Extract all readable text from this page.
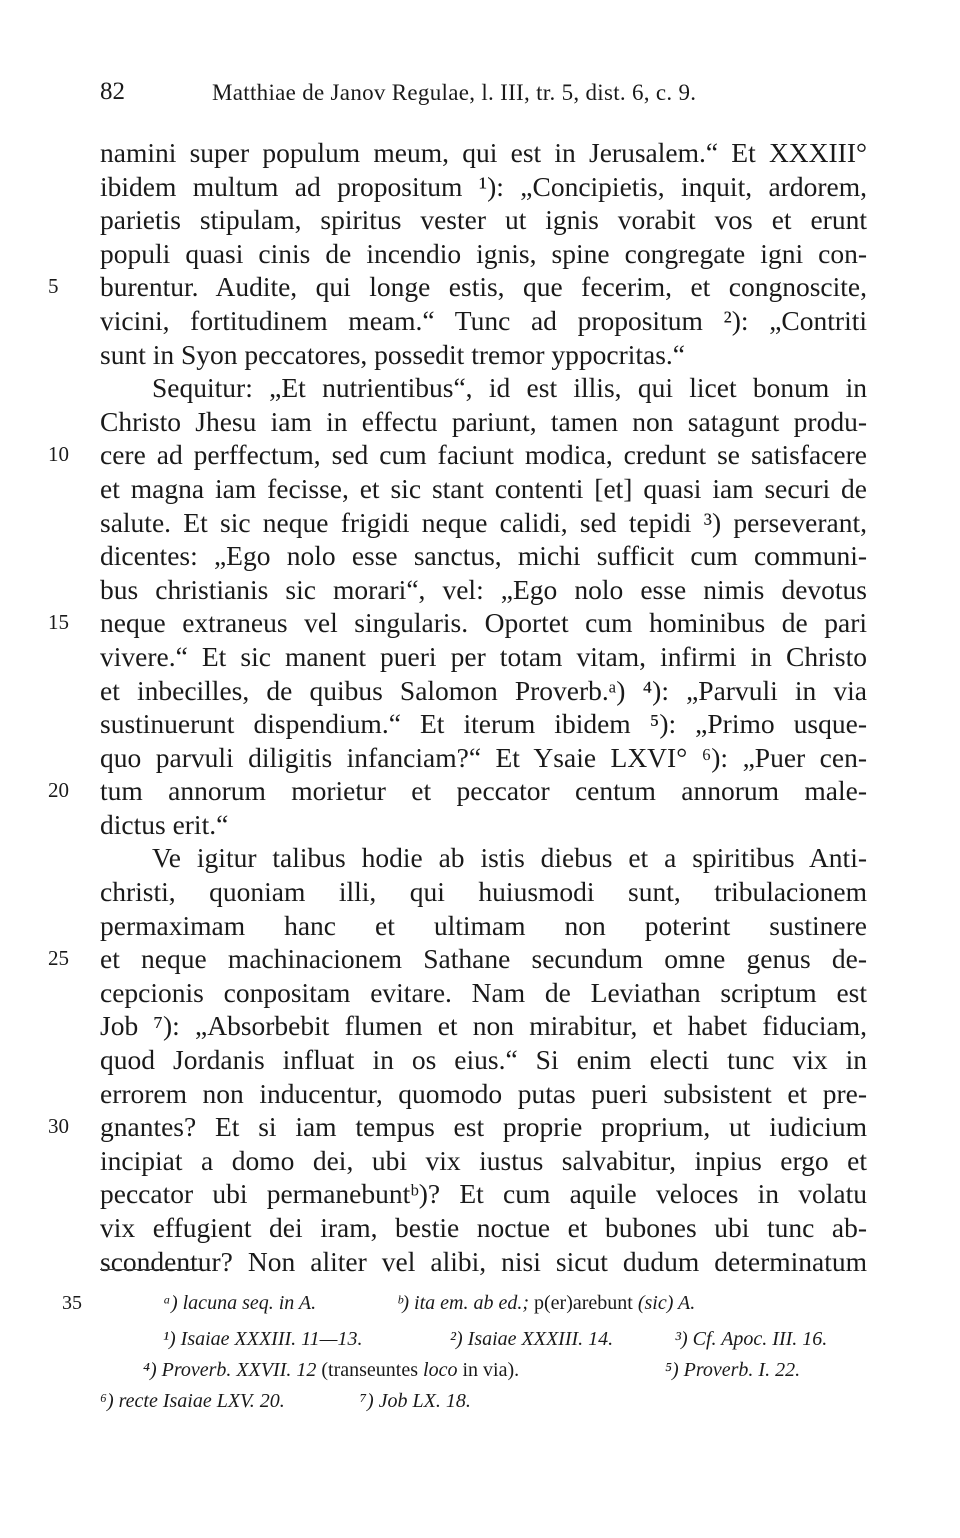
82	Matthiae de Janov Regulae, l. III, tr. 5, dist. 6, c. 9.
namini super populum meum, qui est in Jerusalem.“ Et XXXIII°
ibidem multum ad propositum ¹): „Concipietis, inquit, ardorem,
parietis stipulam, spiritus vester ut ignis vorabit vos et erunt
populi quasi cinis de incendio ignis, spine congregate igni con-
5	burentur. Audite, qui longe estis, que fecerim, et congnoscite,
vicini, fortitudinem meam.“ Tunc ad propositum ²): „Contriti
sunt in Syon peccatores, possedit tremor yppocritas.“
Sequitur: „Et nutrientibus“, id est illis, qui licet bonum in
Christo Jhesu iam in effectu pariunt, tamen non satagunt produ-
10	cere ad perffectum, sed cum faciunt modica, credunt se satisfacere
et magna iam fecisse, et sic stant contenti [et] quasi iam securi de
salute. Et sic neque frigidi neque calidi, sed tepidi ³) perseverant,
dicentes: „Ego nolo esse sanctus, michi sufficit cum communi-
bus christianis sic morari“, vel: „Ego nolo esse nimis devotus
15	neque extraneus vel singularis. Oportet cum hominibus de pari
vivere.“ Et sic manent pueri per totam vitam, infirmi in Christo
et inbecilles, de quibus Salomon Proverb.ᵃ) ⁴): „Parvuli in via
sustinuerunt dispendium.“ Et iterum ibidem ⁵): „Primo usque-
quo parvuli diligitis infanciam?“ Et Ysaie LXVI° ⁶): „Puer cen-
20	tum annorum morietur et peccator centum annorum male-
dictus erit.“
Ve igitur talibus hodie ab istis diebus et a spiritibus Anti-
christi, quoniam illi, qui huiusmodi sunt, tribulacionem
permaximam hanc et ultimam non poterint sustinere
25	et neque machinacionem Sathane secundum omne genus de-
cepcionis conpositam evitare. Nam de Leviathan scriptum est
Job ⁷): „Absorbebit flumen et non mirabitur, et habet fiduciam,
quod Jordanis influat in os eius.“ Si enim electi tunc vix in
errorem non inducentur, quomodo putas pueri subsistent et pre-
30	gnantes? Et si iam tempus est proprie proprium, ut iudicium
incipiat a domo dei, ubi vix iustus salvabitur, inpius ergo et
peccator ubi permanebuntᵇ)? Et cum aquile veloces in volatu
vix effugient dei iram, bestie noctue et bubones ubi tunc ab-
scondentur? Non aliter vel alibi, nisi sicut dudum determinatum
35	ᵃ) lacuna seq. in A.	ᵇ) ita em. ab ed.; p(er)arebunt (sic) A.
¹) Isaiae XXXIII. 11—13.	²) Isaiae XXXIII. 14.	³) Cf. Apoc. III. 16.
⁴) Proverb. XXVII. 12 (transeuntes loco in via).	⁵) Proverb. I. 22.
⁶) recte Isaiae LXV. 20.	⁷) Job LX. 18.
